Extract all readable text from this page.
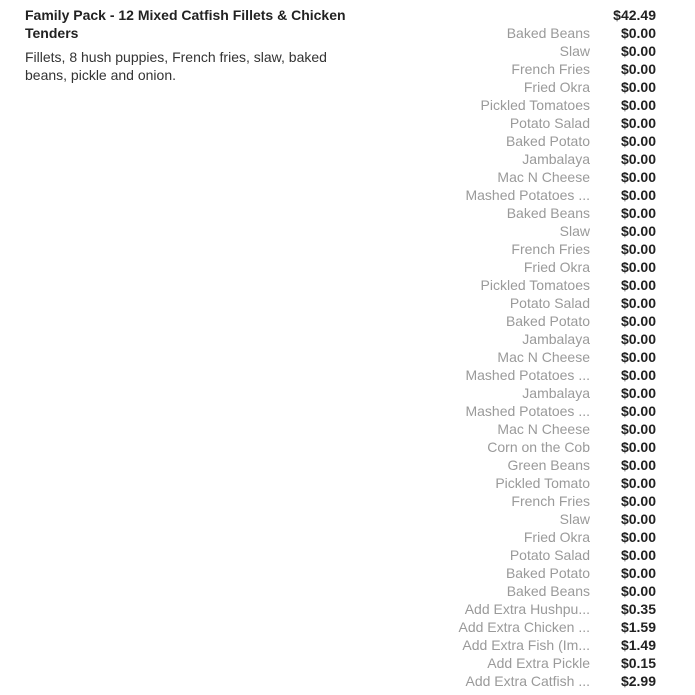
Family Pack - 12 Mixed Catfish Fillets & Chicken Tenders
Fillets, 8 hush puppies, French fries, slaw, baked beans, pickle and onion.
$42.49
Baked Beans	$0.00
Slaw	$0.00
French Fries	$0.00
Fried Okra	$0.00
Pickled Tomatoes	$0.00
Potato Salad	$0.00
Baked Potato	$0.00
Jambalaya	$0.00
Mac N Cheese	$0.00
Mashed Potatoes ...	$0.00
Baked Beans	$0.00
Slaw	$0.00
French Fries	$0.00
Fried Okra	$0.00
Pickled Tomatoes	$0.00
Potato Salad	$0.00
Baked Potato	$0.00
Jambalaya	$0.00
Mac N Cheese	$0.00
Mashed Potatoes ...	$0.00
Jambalaya	$0.00
Mashed Potatoes ...	$0.00
Mac N Cheese	$0.00
Corn on the Cob	$0.00
Green Beans	$0.00
Pickled Tomato	$0.00
French Fries	$0.00
Slaw	$0.00
Fried Okra	$0.00
Potato Salad	$0.00
Baked Potato	$0.00
Baked Beans	$0.00
Add Extra Hushpu...	$0.35
Add Extra Chicken ...	$1.59
Add Extra Fish (Im...	$1.49
Add Extra Pickle	$0.15
Add Extra Catfish ...	$2.99
